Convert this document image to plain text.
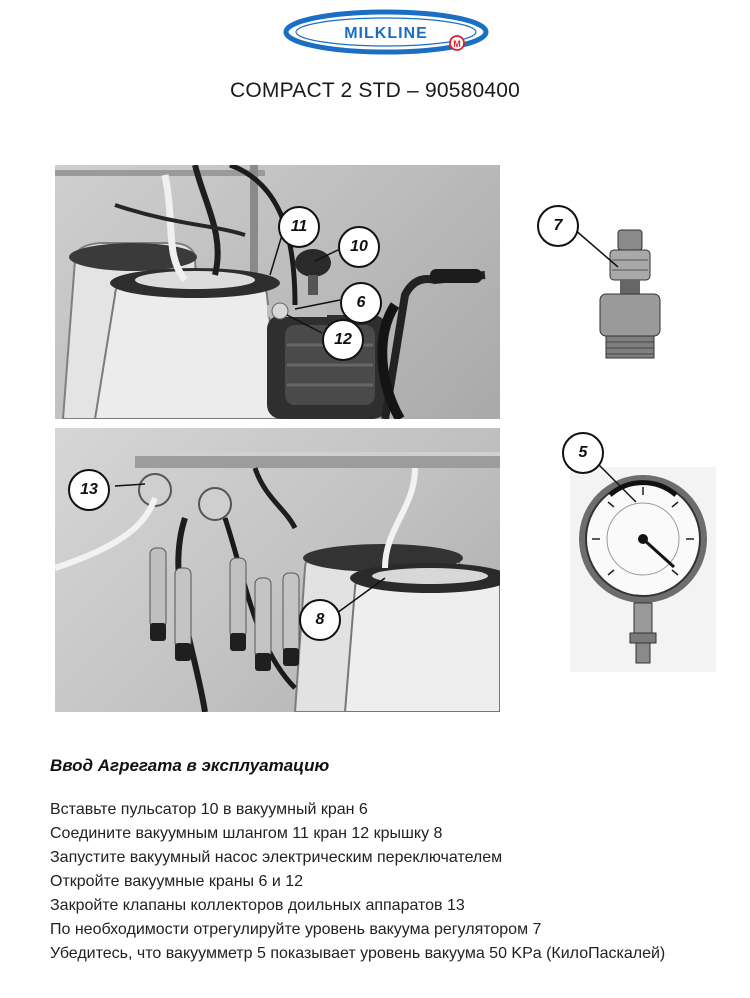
MILKLINE
M
COMPACT 2 STD – 90580400
11
10
6
12
7
13
8
5
Ввод Агрегата в эксплуатацию
Вставьте пульсатор 10 в вакуумный кран 6
Соедините вакуумным шлангом 11 кран 12 крышку 8
Запустите вакуумный насос электрическим переключателем
Откройте вакуумные краны 6 и 12
Закройте клапаны коллекторов доильных аппаратов 13
По необходимости отрегулируйте уровень вакуума регулятором 7
Убедитесь, что вакуумметр 5 показывает уровень вакуума 50 KPa (КилоПаскалей)
